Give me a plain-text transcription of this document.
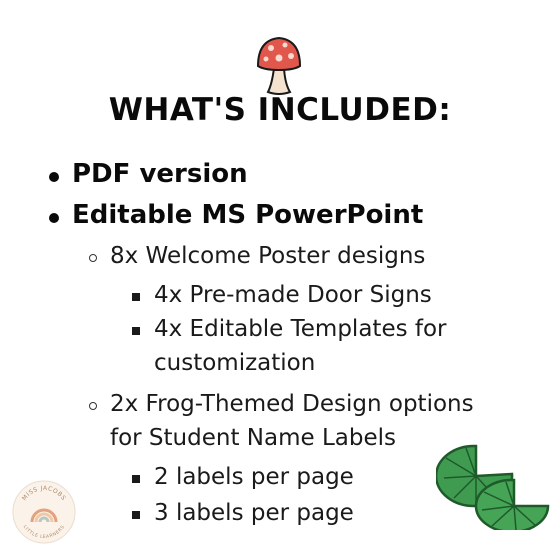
WHAT'S INCLUDED:
PDF version
Editable MS PowerPoint
8x Welcome Poster designs
4x Pre-made Door Signs
4x Editable Templates for
customization
2x Frog-Themed Design options
for Student Name Labels
2 labels per page
3 labels per page
MISS JACOBS
LITTLE LEARNERS
